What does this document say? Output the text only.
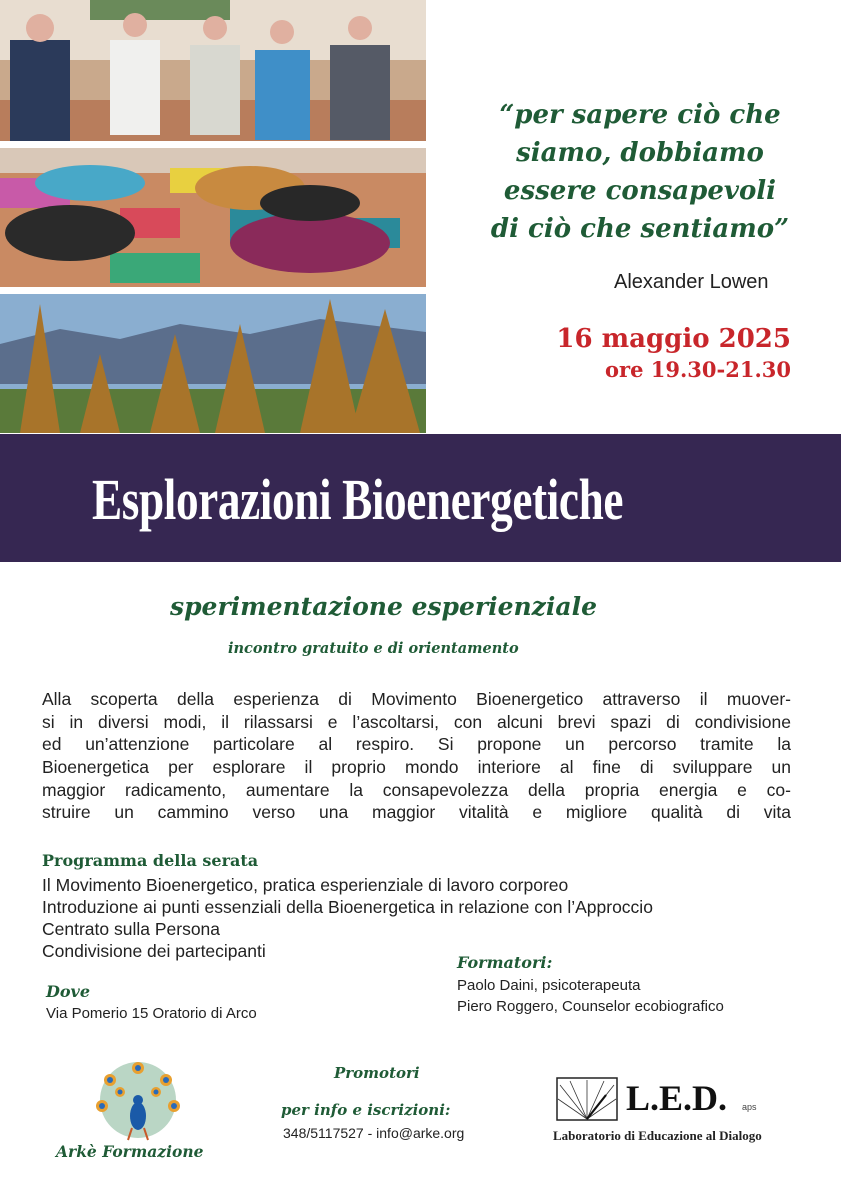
“per sapere ciò che
siamo, dobbiamo
essere consapevoli
di ciò che sentiamo”
Alexander Lowen
16 maggio 2025
ore 19.30-21.30
Esplorazioni Bioenergetiche
sperimentazione esperienziale
incontro gratuito e di orientamento
Alla scoperta della esperienza di Movimento Bioenergetico attraverso il muover-
si in diversi modi, il rilassarsi e l’ascoltarsi, con alcuni brevi spazi di condivisione
ed un’attenzione particolare al respiro. Si propone un percorso tramite la
Bioenergetica per esplorare il proprio mondo interiore al fine di sviluppare un
maggior radicamento, aumentare la consapevolezza della propria energia e co-
struire un cammino verso una maggior vitalità e migliore qualità di vita
Programma della serata
Il Movimento Bioenergetico, pratica esperienziale di lavoro corporeo
Introduzione ai punti essenziali della Bioenergetica in relazione con l’Approccio
Centrato sulla Persona
Condivisione dei partecipanti
Dove
Via Pomerio 15 Oratorio di Arco
Formatori:
Paolo Daini, psicoterapeuta
Piero Roggero, Counselor ecobiografico
Promotori
per info e iscrizioni:
348/5117527 - info@arke.org
Arkè Formazione
L.E.D. aps
Laboratorio di Educazione al Dialogo
